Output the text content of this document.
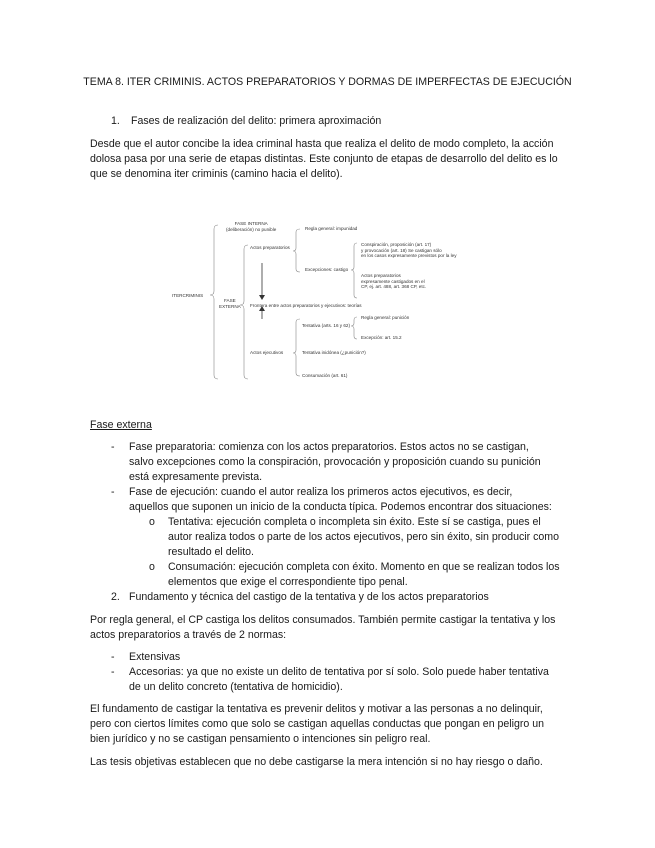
TEMA 8. ITER CRIMINIS. ACTOS PREPARATORIOS Y DORMAS DE IMPERFECTAS DE EJECUCIÓN
1. Fases de realización del delito: primera aproximación
Desde que el autor concibe la idea criminal hasta que realiza el delito de modo completo, la acción
dolosa pasa por una serie de etapas distintas. Este conjunto de etapas de desarrollo del delito es lo
que se denomina iter criminis (camino hacia el delito).
ITERCRIMINIS
FASE INTERNA
(deliberación) no punible
FASE
EXTERNA
Actos preparatorios
Regla general: impunidad
Excepciones: castigo
Conspiración, proposición (art. 17)
y provocación (art. 18) Se castigan sólo
en los casos expresamente previstos por la ley
Actos preparatorios
expresamente castigados en el
CP, ej. art. 488, art. 368 CP, etc.
Frontera entre actos preparatorios y ejecutivos: teorías
Actos ejecutivos
Tentativa (arts. 16 y 62)
Regla general: punición
Excepción: art. 15.2
Tentativa inidónea (¿punición?)
Consumación (art. 61)
Fase externa
- Fase preparatoria: comienza con los actos preparatorios. Estos actos no se castigan,
salvo excepciones como la conspiración, provocación y proposición cuando su punición
está expresamente prevista.
- Fase de ejecución: cuando el autor realiza los primeros actos ejecutivos, es decir,
aquellos que suponen un inicio de la conducta típica. Podemos encontrar dos situaciones:
o Tentativa: ejecución completa o incompleta sin éxito. Este sí se castiga, pues el
autor realiza todos o parte de los actos ejecutivos, pero sin éxito, sin producir como
resultado el delito.
o Consumación: ejecución completa con éxito. Momento en que se realizan todos los
elementos que exige el correspondiente tipo penal.
2. Fundamento y técnica del castigo de la tentativa y de los actos preparatorios
Por regla general, el CP castiga los delitos consumados. También permite castigar la tentativa y los
actos preparatorios a través de 2 normas:
- Extensivas
- Accesorias: ya que no existe un delito de tentativa por sí solo. Solo puede haber tentativa
de un delito concreto (tentativa de homicidio).
El fundamento de castigar la tentativa es prevenir delitos y motivar a las personas a no delinquir,
pero con ciertos límites como que solo se castigan aquellas conductas que pongan en peligro un
bien jurídico y no se castigan pensamiento o intenciones sin peligro real.
Las tesis objetivas establecen que no debe castigarse la mera intención si no hay riesgo o daño.
